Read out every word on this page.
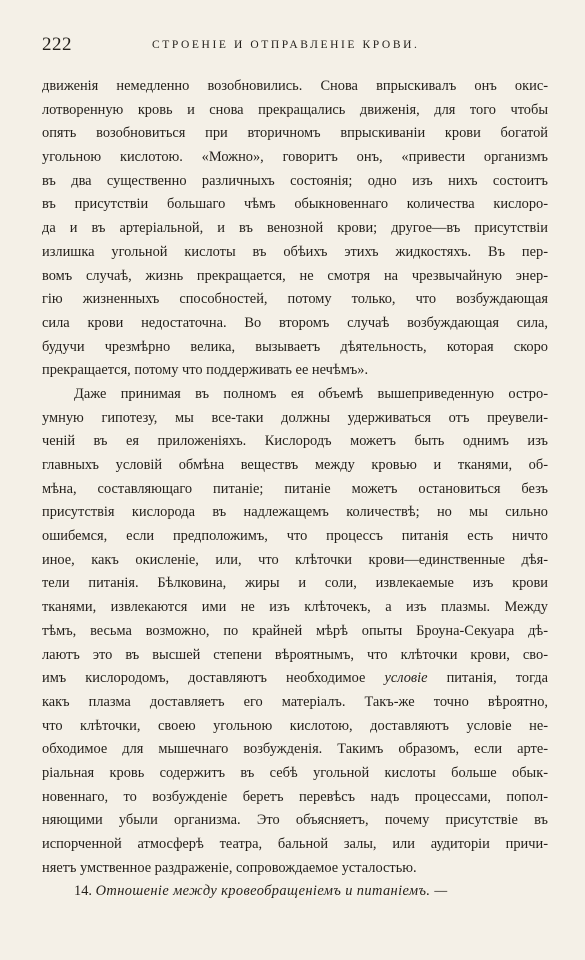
222	СТРОЕНІЕ И ОТПРАВЛЕНІЕ КРОВИ.
движенія немедленно возобновились. Снова впрыскивалъ онъ окис-
лотворенную кровь и снова прекращались движенія, для того чтобы
опять возобновиться при вторичномъ впрыскиваніи крови богатой
угольною кислотою. «Можно», говоритъ онъ, «привести организмъ
въ два существенно различныхъ состоянія; одно изъ нихъ состоитъ
въ присутствіи большаго чѣмъ обыкновеннаго количества кислоро-
да и въ артеріальной, и въ венозной крови; другое—въ присутствіи
излишка угольной кислоты въ обѣихъ этихъ жидкостяхъ. Въ пер-
вомъ случаѣ, жизнь прекращается, не смотря на чрезвычайную энер-
гію жизненныхъ способностей, потому только, что возбуждающая
сила крови недостаточна. Во второмъ случаѣ возбуждающая сила,
будучи чрезмѣрно велика, вызываетъ дѣятельность, которая скоро
прекращается, потому что поддерживать ее нечѣмъ».
Даже принимая въ полномъ ея объемѣ вышеприведенную остро-
умную гипотезу, мы все-таки должны удерживаться отъ преувели-
ченій въ ея приложеніяхъ. Кислородъ можетъ быть однимъ изъ
главныхъ условій обмѣна веществъ между кровью и тканями, об-
мѣна, составляющаго питаніе; питаніе можетъ остановиться безъ
присутствія кислорода въ надлежащемъ количествѣ; но мы сильно
ошибемся, если предположимъ, что процессъ питанія есть ничто
иное, какъ окисленіе, или, что клѣточки крови—единственные дѣя-
тели питанія. Бѣлковина, жиры и соли, извлекаемые изъ крови
тканями, извлекаются ими не изъ клѣточекъ, а изъ плазмы. Между
тѣмъ, весьма возможно, по крайней мѣрѣ опыты Броуна-Секуара дѣ-
лаютъ это въ высшей степени вѣроятнымъ, что клѣточки крови, сво-
имъ кислородомъ, доставляютъ необходимое условіе питанія, тогда
какъ плазма доставляетъ его матеріалъ. Такъ-же точно вѣроятно,
что клѣточки, своею угольною кислотою, доставляютъ условіе не-
обходимое для мышечнаго возбужденія. Такимъ образомъ, если арте-
ріальная кровь содержитъ въ себѣ угольной кислоты больше обык-
новеннаго, то возбужденіе беретъ перевѣсъ надъ процессами, попол-
няющими убыли организма. Это объясняетъ, почему присутствіе въ
испорченной атмосферѣ театра, бальной залы, или аудиторіи причи-
няетъ умственное раздраженіе, сопровождаемое усталостью.
14. Отношеніе между кровеобращеніемъ и питаніемъ. —
